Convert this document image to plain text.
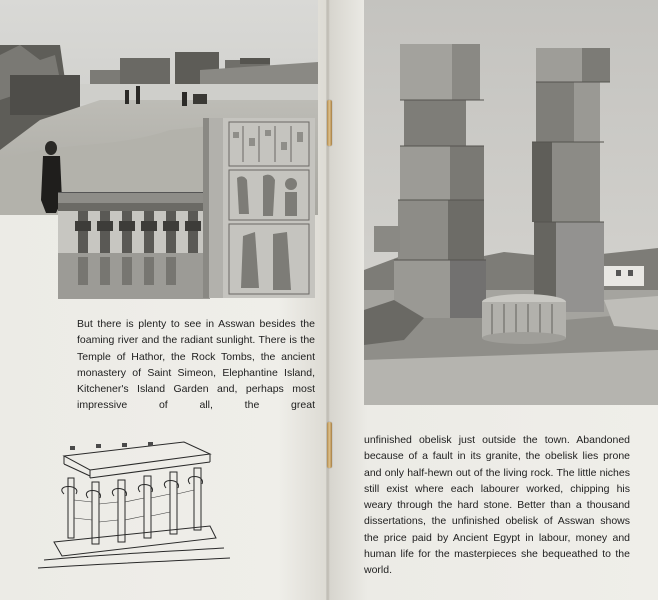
But there is plenty to see in Asswan besides the foaming river and the radiant sunlight. There is the Temple of Hathor, the Rock Tombs, the ancient monastery of Saint Simeon, Elephantine Island, Kitchener's Island Garden and, perhaps most impressive of all, the great

unfinished obelisk just outside the town. Abandoned because of a fault in its granite, the obelisk lies prone and only half-hewn out of the living rock. The little niches still exist where each labourer worked, chipping his weary through the hard stone. Better than a thousand dissertations, the unfinished obelisk of Asswan shows the price paid by Ancient Egypt in labour, money and human life for the masterpieces she bequeathed to the world.
